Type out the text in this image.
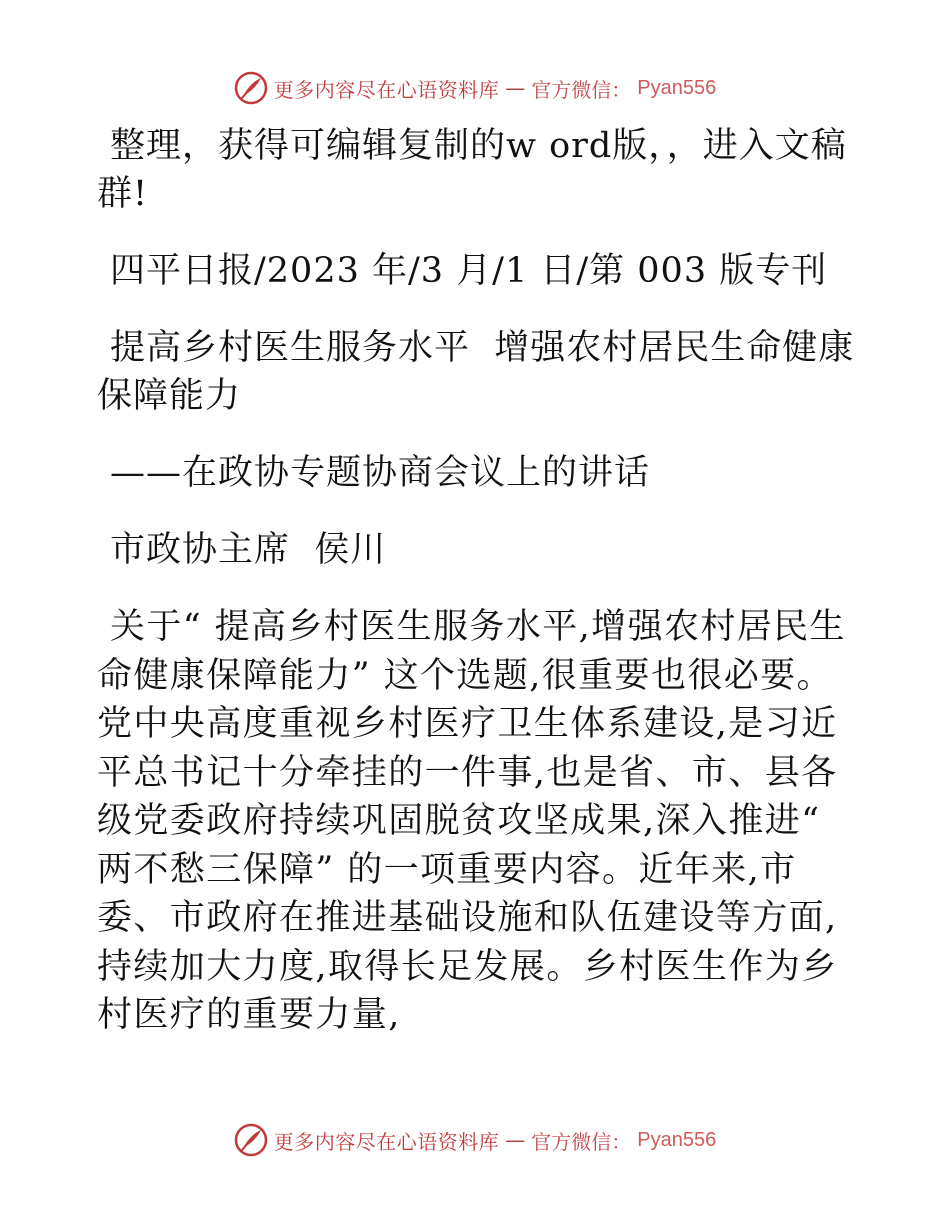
更多内容尽在心语资料库 — 官方微信： Pyan556

整理，获得可编辑复制的w ord版，，进入文稿群!

四平日报/2023 年/3 月/1 日/第 003 版专刊

提高乡村医生服务水平  增强农村居民生命健康保障能力

——在政协专题协商会议上的讲话

市政协主席  侯川

关于“ 提高乡村医生服务水平,增强农村居民生命健康保障能力” 这个选题,很重要也很必要。党中央高度重视乡村医疗卫生体系建设,是习近平总书记十分牵挂的一件事,也是省、市、县各级党委政府持续巩固脱贫攻坚成果,深入推进“ 两不愁三保障” 的一项重要内容。近年来,市委、市政府在推进基础设施和队伍建设等方面,持续加大力度,取得长足发展。乡村医生作为乡村医疗的重要力量,

更多内容尽在心语资料库 — 官方微信： Pyan556
